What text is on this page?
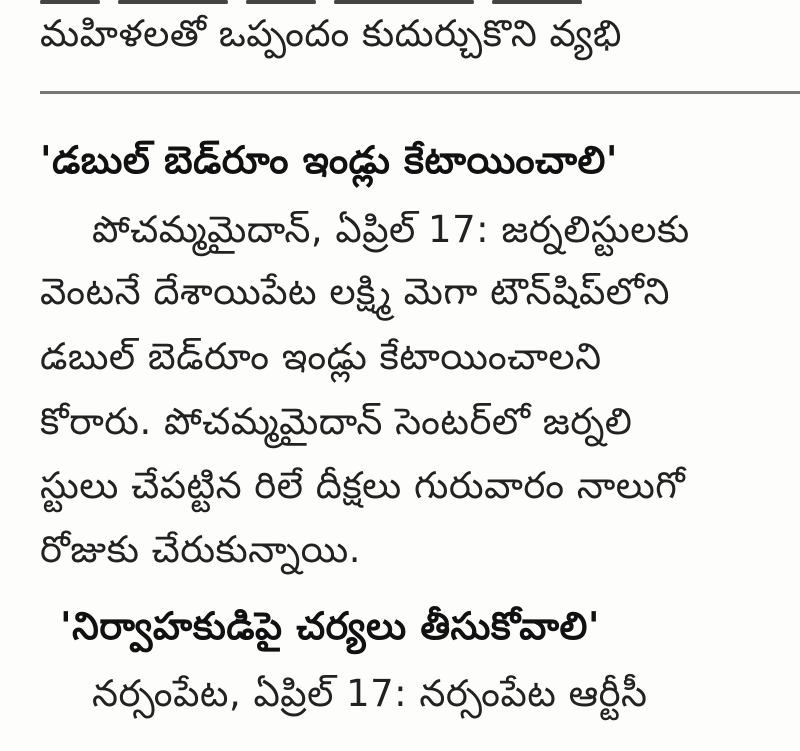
మహిళలతో ఒప్పందం కుదుర్చుకొని వ్యభి
'డబుల్ బెడ్‌రూం ఇండ్లు కేటాయించాలి'
పోచమ్మమైదాన్, ఏప్రిల్ 17: జర్నలిస్టులకు
వెంటనే దేశాయిపేట లక్ష్మి మెగా టౌన్‌షిప్‌లోని
డబుల్ బెడ్‌రూం ఇండ్లు కేటాయించాలని
కోరారు. పోచమ్మమైదాన్ సెంటర్‌లో జర్నలి
స్టులు చేపట్టిన రిలే దీక్షలు గురువారం నాలుగో
రోజుకు చేరుకున్నాయి.
'నిర్వాహకుడిపై చర్యలు తీసుకోవాలి'
నర్సంపేట, ఏప్రిల్ 17: నర్సంపేట ఆర్టీసీ
